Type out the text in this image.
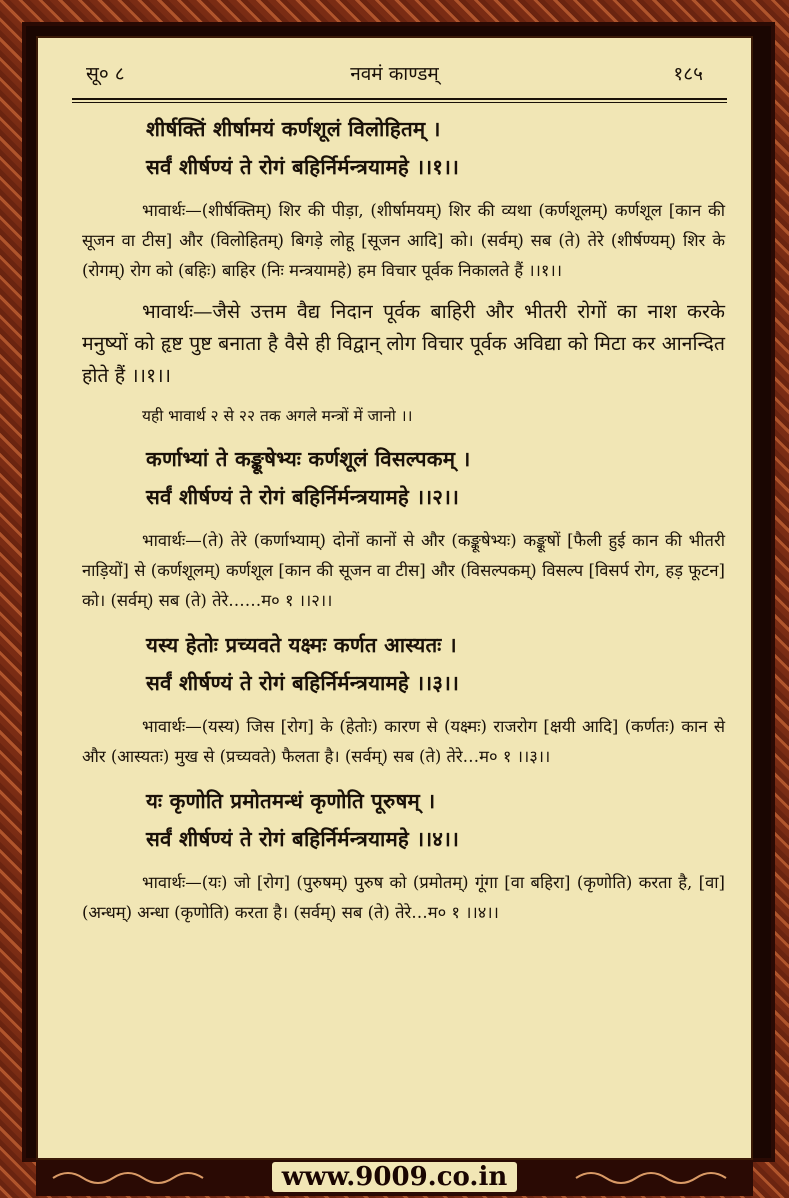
सू० ८	नवमं काण्डम्	१८५
शीर्षक्तिं शीर्षामयं कर्णशूलं विलोहितम् ।
सर्वं शीर्षण्यं ते रोगं बहिर्निर्मन्त्रयामहे ।।१।।
भावार्थः—(शीर्षक्तिम्) शिर की पीड़ा, (शीर्षामयम्) शिर की व्यथा (कर्णशूलम्) कर्णशूल [कान की सूजन वा टीस] और (विलोहितम्) बिगड़े लोहू [सूजन आदि] को। (सर्वम्) सब (ते) तेरे (शीर्षण्यम्) शिर के (रोगम्) रोग को (बहिः) बाहिर (निः मन्त्रयामहे) हम विचार पूर्वक निकालते हैं ।।१।।
भावार्थः—जैसे उत्तम वैद्य निदान पूर्वक बाहिरी और भीतरी रोगों का नाश करके मनुष्यों को हृष्ट पुष्ट बनाता है वैसे ही विद्वान् लोग विचार पूर्वक अविद्या को मिटा कर आनन्दित होते हैं ।।१।।
यही भावार्थ २ से २२ तक अगले मन्त्रों में जानो ।।
कर्णाभ्यां ते कङ्कूषेभ्यः कर्णशूलं विसल्पकम् ।
सर्वं शीर्षण्यं ते रोगं बहिर्निर्मन्त्रयामहे ।।२।।
भावार्थः—(ते) तेरे (कर्णाभ्याम्) दोनों कानों से और (कङ्कूषेभ्यः) कङ्कूषों [फैली हुई कान की भीतरी नाड़ियों] से (कर्णशूलम्) कर्णशूल [कान की सूजन वा टीस] और (विसल्पकम्) विसल्प [विसर्प रोग, हड़ फूटन] को। (सर्वम्) सब (ते) तेरे……म० १ ।।२।।
यस्य हेतोः प्रच्यवते यक्ष्मः कर्णत आस्यतः ।
सर्वं शीर्षण्यं ते रोगं बहिर्निर्मन्त्रयामहे ।।३।।
भावार्थः—(यस्य) जिस [रोग] के (हेतोः) कारण से (यक्ष्मः) राजरोग [क्षयी आदि] (कर्णतः) कान से और (आस्यतः) मुख से (प्रच्यवते) फैलता है। (सर्वम्) सब (ते) तेरे…म० १ ।।३।।
यः कृणोति प्रमोतमन्धं कृणोति पूरुषम् ।
सर्वं शीर्षण्यं ते रोगं बहिर्निर्मन्त्रयामहे ।।४।।
भावार्थः—(यः) जो [रोग] (पुरुषम्) पुरुष को (प्रमोतम्) गूंगा [वा बहिरा] (कृणोति) करता है, [वा] (अन्धम्) अन्धा (कृणोति) करता है। (सर्वम्) सब (ते) तेरे…म० १ ।।४।।
www.9009.co.in
